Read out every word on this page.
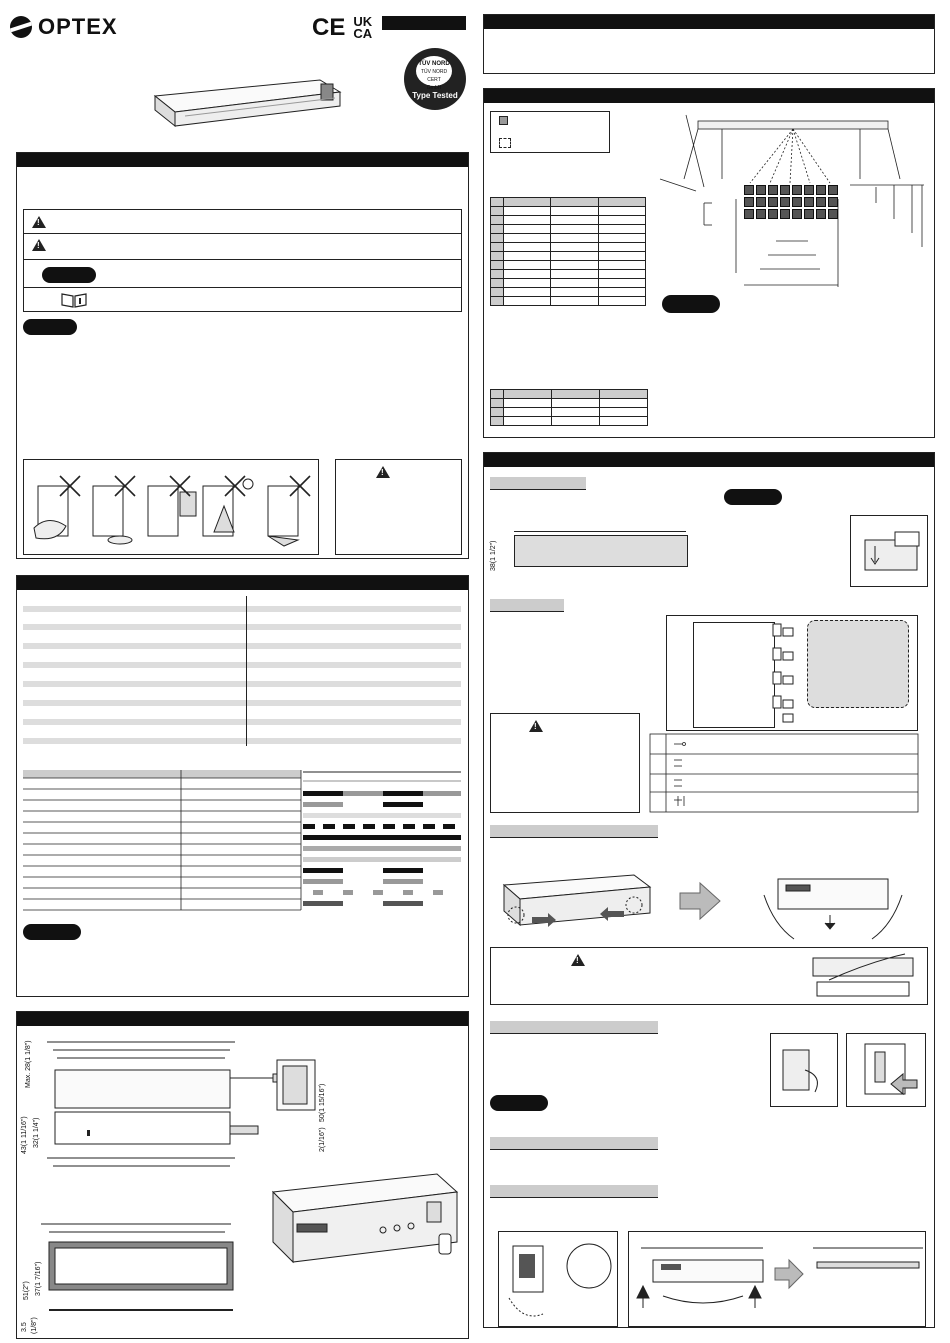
OPTEX	CE UK
CA
TÜV NORD
TÜV NORD CERT
GmbH
Type Tested
!
!
!
Max. 28(1 1/8")
43(1 11/16") 32(1 1/4")
50(1 15/16")
2(1/16")
51(2") 37(1 7/16")
3.5 (1/8")

38(1 1/2")
!
!
